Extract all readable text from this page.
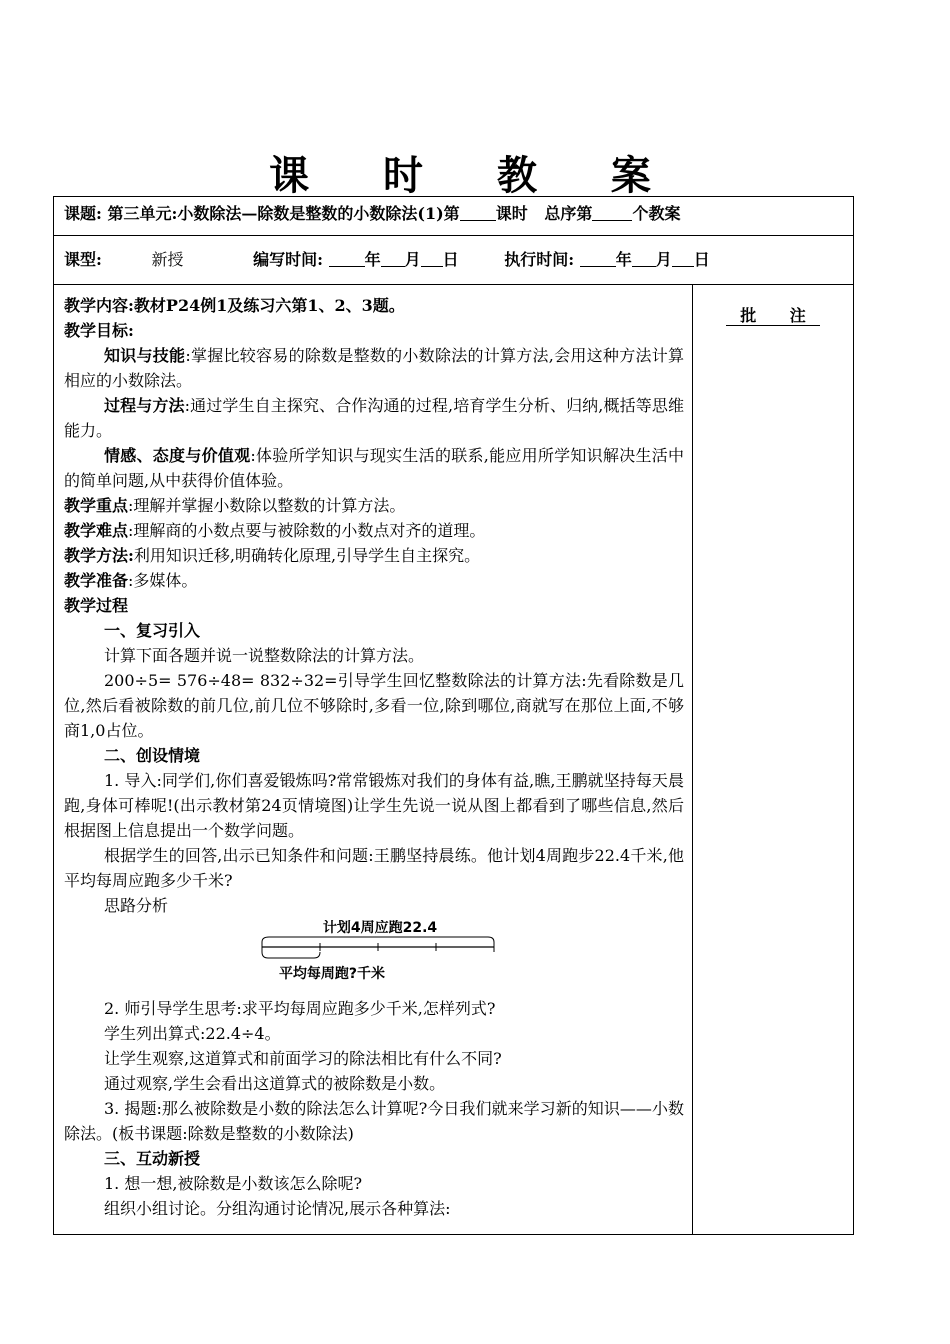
课 时 教 案
课题: 第三单元:小数除法—除数是整数的小数除法(1)第 课时 总序第	个教案

课型:	新授	编写时间:	年 月 日	执行时间:	年 月 日

教学内容:教材P24例1及练习六第1、2、3题。

教学目标:

知识与技能:掌握比较容易的除数是整数的小数除法的计算方法,会用这种方法计算相应的小数除法。

过程与方法:通过学生自主探究、合作沟通的过程,培育学生分析、归纳,概括等思维能力。

情感、态度与价值观:体验所学知识与现实生活的联系,能应用所学知识解决生活中的简单问题,从中获得价值体验。

教学重点:理解并掌握小数除以整数的计算方法。

教学难点:理解商的小数点要与被除数的小数点对齐的道理。

教学方法:利用知识迁移,明确转化原理,引导学生自主探究。

教学准备:多媒体。

教学过程

一、复习引入

计算下面各题并说一说整数除法的计算方法。

200÷5= 576÷48= 832÷32=引导学生回忆整数除法的计算方法:先看除数是几位,然后看被除数的前几位,前几位不够除时,多看一位,除到哪位,商就写在那位上面,不够商1,0占位。

二、创设情境

1. 导入:同学们,你们喜爱锻炼吗?常常锻炼对我们的身体有益,瞧,王鹏就坚持每天晨跑,身体可棒呢!(出示教材第24页情境图)让学生先说一说从图上都看到了哪些信息,然后根据图上信息提出一个数学问题。

根据学生的回答,出示已知条件和问题:王鹏坚持晨练。他计划4周跑步22.4千米,他平均每周应跑多少千米?

思路分析

计划4周应跑22.4
平均每周跑?千米

2. 师引导学生思考:求平均每周应跑多少千米,怎样列式?

学生列出算式:22.4÷4。

让学生观察,这道算式和前面学习的除法相比有什么不同?

通过观察,学生会看出这道算式的被除数是小数。

3. 揭题:那么被除数是小数的除法怎么计算呢?今日我们就来学习新的知识——小数除法。(板书课题:除数是整数的小数除法)

三、互动新授

1. 想一想,被除数是小数该怎么除呢?

组织小组讨论。分组沟通讨论情况,展示各种算法:

批 注
